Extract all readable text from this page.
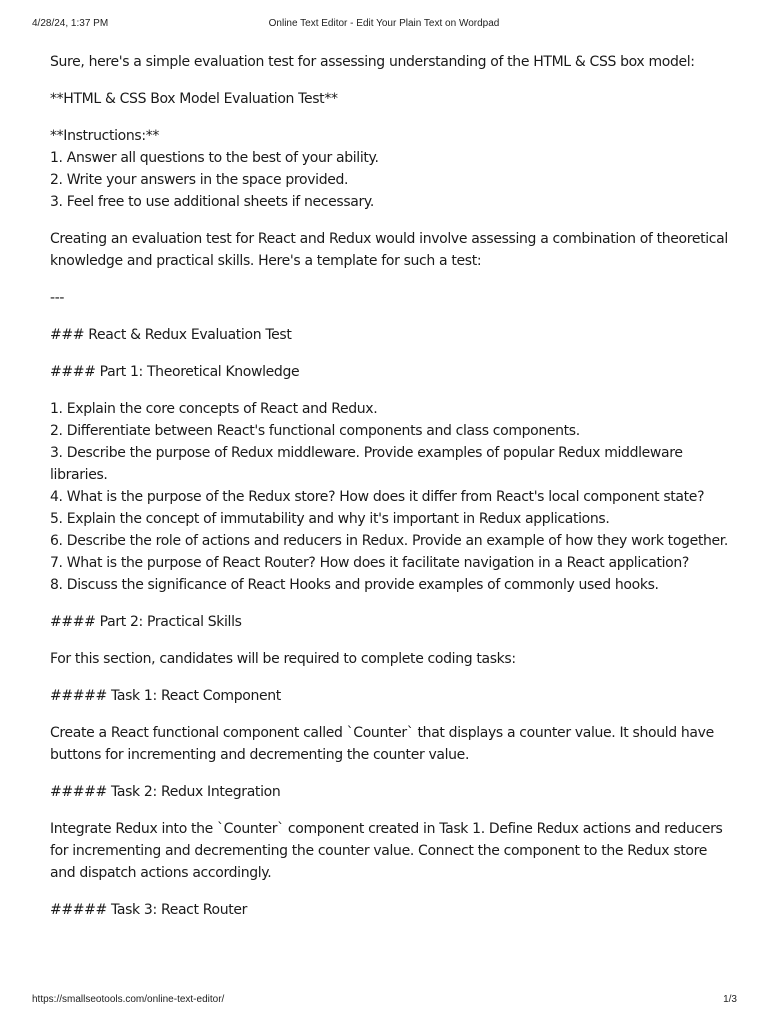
4/28/24, 1:37 PM	Online Text Editor - Edit Your Plain Text on Wordpad

Sure, here's a simple evaluation test for assessing understanding of the HTML & CSS box model:

**HTML & CSS Box Model Evaluation Test**

**Instructions:**
1. Answer all questions to the best of your ability.
2. Write your answers in the space provided.
3. Feel free to use additional sheets if necessary.

Creating an evaluation test for React and Redux would involve assessing a combination of theoretical knowledge and practical skills. Here's a template for such a test:

---

### React & Redux Evaluation Test

#### Part 1: Theoretical Knowledge

1. Explain the core concepts of React and Redux.
2. Differentiate between React's functional components and class components.
3. Describe the purpose of Redux middleware. Provide examples of popular Redux middleware libraries.
4. What is the purpose of the Redux store? How does it differ from React's local component state?
5. Explain the concept of immutability and why it's important in Redux applications.
6. Describe the role of actions and reducers in Redux. Provide an example of how they work together.
7. What is the purpose of React Router? How does it facilitate navigation in a React application?
8. Discuss the significance of React Hooks and provide examples of commonly used hooks.

#### Part 2: Practical Skills

For this section, candidates will be required to complete coding tasks:

##### Task 1: React Component

Create a React functional component called `Counter` that displays a counter value. It should have buttons for incrementing and decrementing the counter value.

##### Task 2: Redux Integration

Integrate Redux into the `Counter` component created in Task 1. Define Redux actions and reducers for incrementing and decrementing the counter value. Connect the component to the Redux store and dispatch actions accordingly.

##### Task 3: React Router

https://smallseotools.com/online-text-editor/	1/3
